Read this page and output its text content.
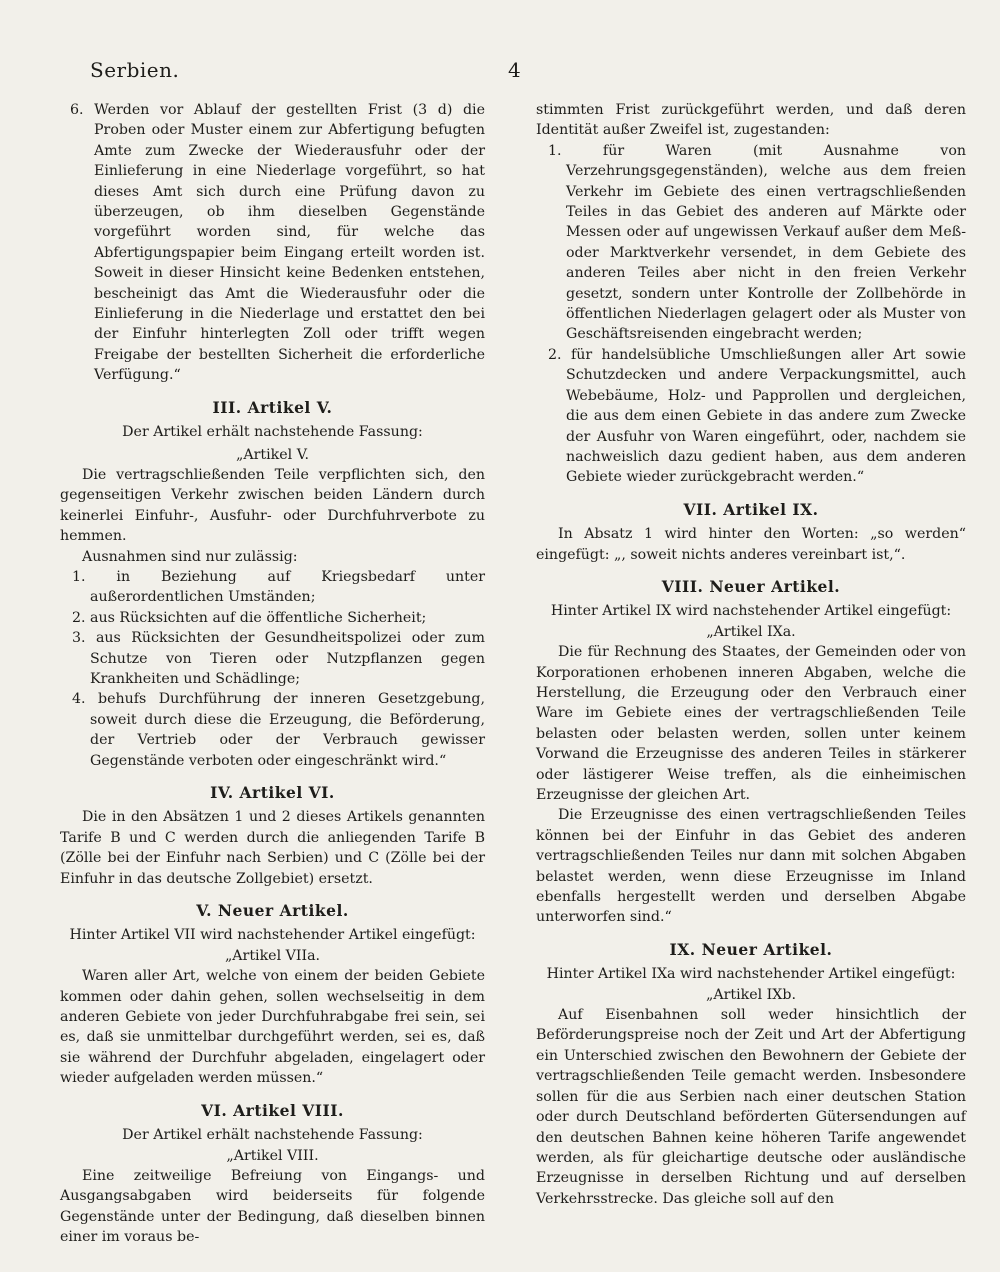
Serbien.	4

6. Werden vor Ablauf der gestellten Frist (3 d) die Proben oder Muster einem zur Abfertigung befugten Amte zum Zwecke der Wiederausfuhr oder der Einlieferung in eine Niederlage vorgeführt, so hat dieses Amt sich durch eine Prüfung davon zu überzeugen, ob ihm dieselben Gegenstände vorgeführt worden sind, für welche das Abfertigungspapier beim Eingang erteilt worden ist. Soweit in dieser Hinsicht keine Bedenken entstehen, bescheinigt das Amt die Wiederausfuhr oder die Einlieferung in die Niederlage und erstattet den bei der Einfuhr hinterlegten Zoll oder trifft wegen Freigabe der bestellten Sicherheit die erforderliche Verfügung.“

III. Artikel V.

Der Artikel erhält nachstehende Fassung:

„Artikel V.

Die vertragschließenden Teile verpflichten sich, den gegenseitigen Verkehr zwischen beiden Ländern durch keinerlei Einfuhr-, Ausfuhr- oder Durchfuhrverbote zu hemmen.

Ausnahmen sind nur zulässig:

1. in Beziehung auf Kriegsbedarf unter außerordentlichen Umständen;

2. aus Rücksichten auf die öffentliche Sicherheit;

3. aus Rücksichten der Gesundheitspolizei oder zum Schutze von Tieren oder Nutzpflanzen gegen Krankheiten und Schädlinge;

4. behufs Durchführung der inneren Gesetzgebung, soweit durch diese die Erzeugung, die Beförderung, der Vertrieb oder der Verbrauch gewisser Gegenstände verboten oder eingeschränkt wird.“

IV. Artikel VI.

Die in den Absätzen 1 und 2 dieses Artikels genannten Tarife B und C werden durch die anliegenden Tarife B (Zölle bei der Einfuhr nach Serbien) und C (Zölle bei der Einfuhr in das deutsche Zollgebiet) ersetzt.

V. Neuer Artikel.

Hinter Artikel VII wird nachstehender Artikel eingefügt:

„Artikel VIIa.

Waren aller Art, welche von einem der beiden Gebiete kommen oder dahin gehen, sollen wechselseitig in dem anderen Gebiete von jeder Durchfuhrabgabe frei sein, sei es, daß sie unmittelbar durchgeführt werden, sei es, daß sie während der Durchfuhr abgeladen, eingelagert oder wieder aufgeladen werden müssen.“

VI. Artikel VIII.

Der Artikel erhält nachstehende Fassung:

„Artikel VIII.

Eine zeitweilige Befreiung von Eingangs- und Ausgangsabgaben wird beiderseits für folgende Gegenstände unter der Bedingung, daß dieselben binnen einer im voraus be-

stimmten Frist zurückgeführt werden, und daß deren Identität außer Zweifel ist, zugestanden:

1. für Waren (mit Ausnahme von Verzehrungsgegenständen), welche aus dem freien Verkehr im Gebiete des einen vertragschließenden Teiles in das Gebiet des anderen auf Märkte oder Messen oder auf ungewissen Verkauf außer dem Meß- oder Marktverkehr versendet, in dem Gebiete des anderen Teiles aber nicht in den freien Verkehr gesetzt, sondern unter Kontrolle der Zollbehörde in öffentlichen Niederlagen gelagert oder als Muster von Geschäftsreisenden eingebracht werden;

2. für handelsübliche Umschließungen aller Art sowie Schutzdecken und andere Verpackungsmittel, auch Webebäume, Holz- und Papprollen und dergleichen, die aus dem einen Gebiete in das andere zum Zwecke der Ausfuhr von Waren eingeführt, oder, nachdem sie nachweislich dazu gedient haben, aus dem anderen Gebiete wieder zurückgebracht werden.“

VII. Artikel IX.

In Absatz 1 wird hinter den Worten: „so werden“ eingefügt: „, soweit nichts anderes vereinbart ist,“.

VIII. Neuer Artikel.

Hinter Artikel IX wird nachstehender Artikel eingefügt:

„Artikel IXa.

Die für Rechnung des Staates, der Gemeinden oder von Korporationen erhobenen inneren Abgaben, welche die Herstellung, die Erzeugung oder den Verbrauch einer Ware im Gebiete eines der vertragschließenden Teile belasten oder belasten werden, sollen unter keinem Vorwand die Erzeugnisse des anderen Teiles in stärkerer oder lästigerer Weise treffen, als die einheimischen Erzeugnisse der gleichen Art.

Die Erzeugnisse des einen vertragschließenden Teiles können bei der Einfuhr in das Gebiet des anderen vertragschließenden Teiles nur dann mit solchen Abgaben belastet werden, wenn diese Erzeugnisse im Inland ebenfalls hergestellt werden und derselben Abgabe unterworfen sind.“

IX. Neuer Artikel.

Hinter Artikel IXa wird nachstehender Artikel eingefügt:

„Artikel IXb.

Auf Eisenbahnen soll weder hinsichtlich der Beförderungspreise noch der Zeit und Art der Abfertigung ein Unterschied zwischen den Bewohnern der Gebiete der vertragschließenden Teile gemacht werden. Insbesondere sollen für die aus Serbien nach einer deutschen Station oder durch Deutschland beförderten Gütersendungen auf den deutschen Bahnen keine höheren Tarife angewendet werden, als für gleichartige deutsche oder ausländische Erzeugnisse in derselben Richtung und auf derselben Verkehrsstrecke. Das gleiche soll auf den
